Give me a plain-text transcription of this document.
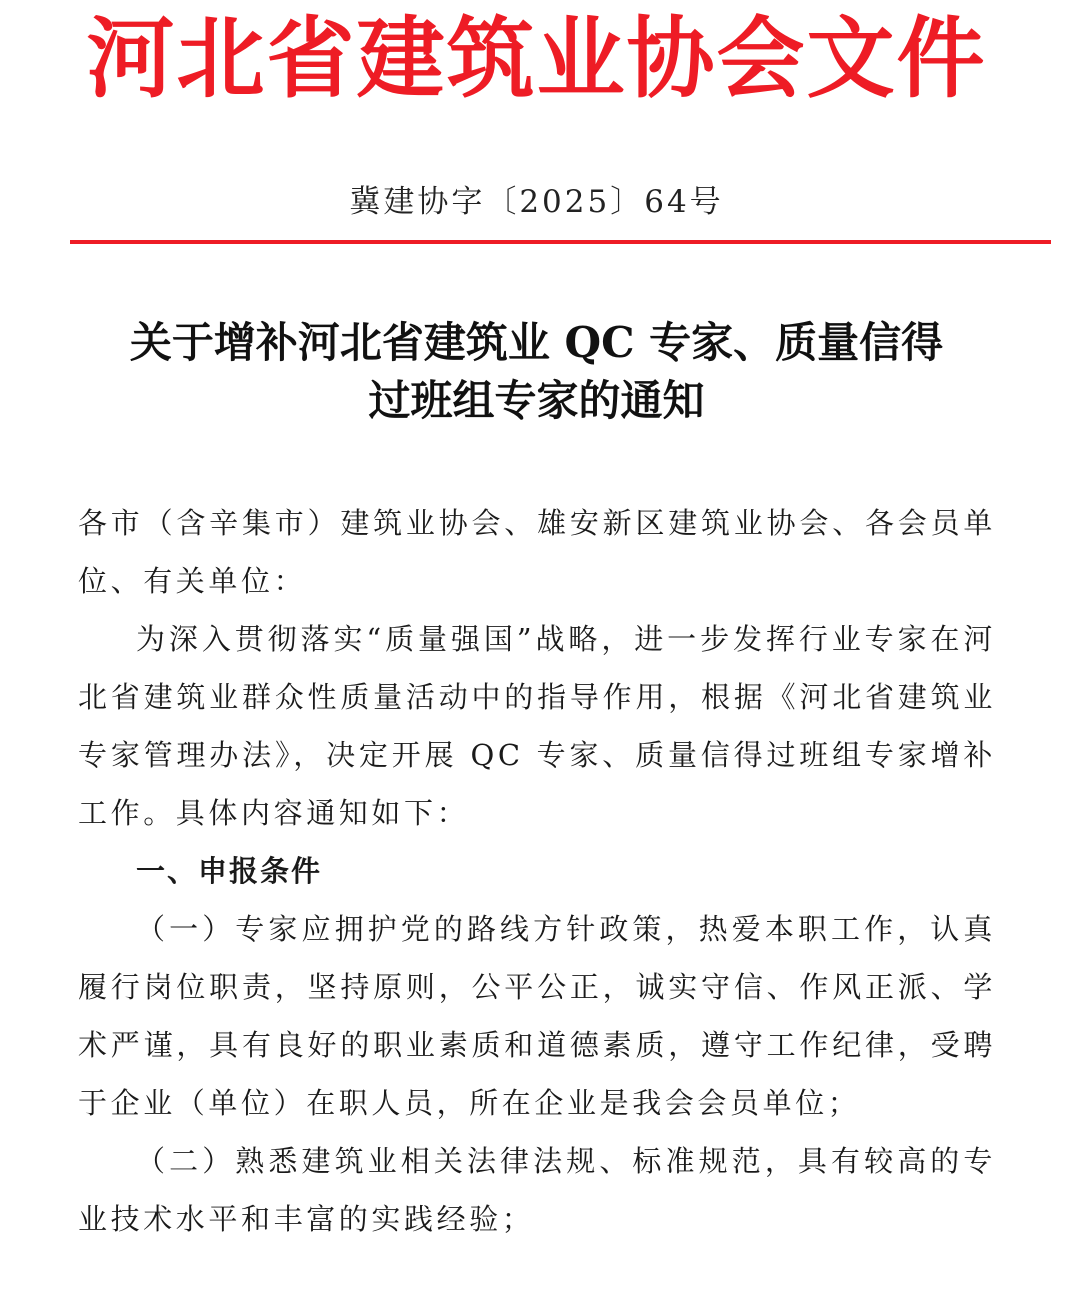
河北省建筑业协会文件
冀建协字〔2025〕64号
关于增补河北省建筑业 QC 专家、质量信得
过班组专家的通知

各市（含辛集市）建筑业协会、雄安新区建筑业协会、各会员单位、有关单位：

为深入贯彻落实“质量强国”战略，进一步发挥行业专家在河北省建筑业群众性质量活动中的指导作用，根据《河北省建筑业专家管理办法》，决定开展 QC 专家、质量信得过班组专家增补工作。具体内容通知如下：

一、申报条件

（一）专家应拥护党的路线方针政策，热爱本职工作，认真履行岗位职责，坚持原则，公平公正，诚实守信、作风正派、学术严谨，具有良好的职业素质和道德素质，遵守工作纪律，受聘于企业（单位）在职人员，所在企业是我会会员单位；

（二）熟悉建筑业相关法律法规、标准规范，具有较高的专业技术水平和丰富的实践经验；
